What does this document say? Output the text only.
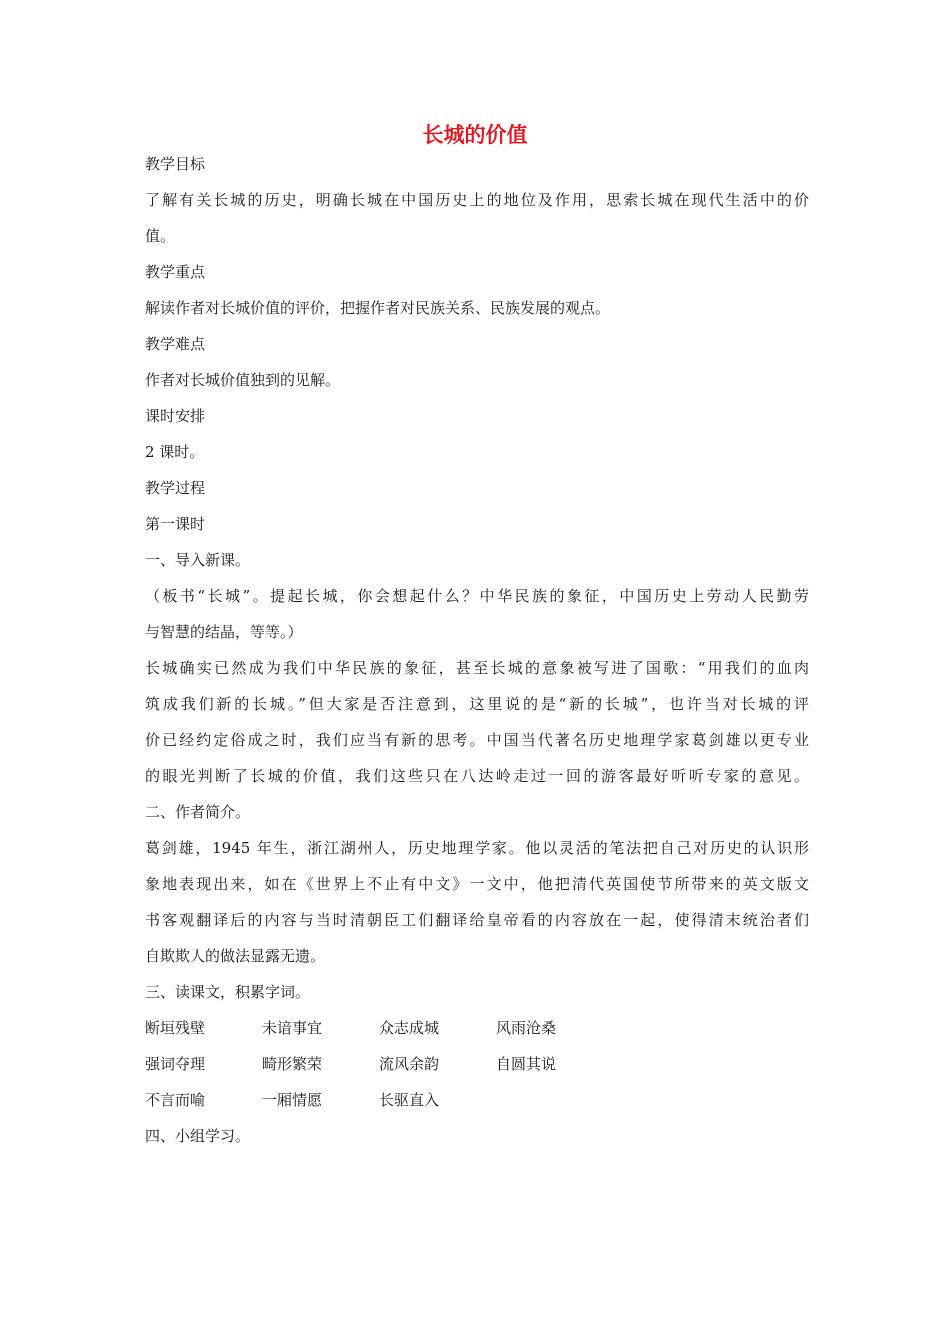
长城的价值
教学目标
了解有关长城的历史，明确长城在中国历史上的地位及作用，思索长城在现代生活中的价
值。
教学重点
解读作者对长城价值的评价，把握作者对民族关系、民族发展的观点。
教学难点
作者对长城价值独到的见解。
课时安排
2 课时。
教学过程
第一课时
一、导入新课。
（板书“长城”。提起长城，你会想起什么？中华民族的象征，中国历史上劳动人民勤劳
与智慧的结晶，等等。）
长城确实已然成为我们中华民族的象征，甚至长城的意象被写进了国歌：“用我们的血肉
筑成我们新的长城。”但大家是否注意到，这里说的是“新的长城”，也许当对长城的评
价已经约定俗成之时，我们应当有新的思考。中国当代著名历史地理学家葛剑雄以更专业
的眼光判断了长城的价值，我们这些只在八达岭走过一回的游客最好听听专家的意见。
二、作者简介。
葛剑雄，1945 年生，浙江湖州人，历史地理学家。他以灵活的笔法把自己对历史的认识形
象地表现出来，如在《世界上不止有中文》一文中，他把清代英国使节所带来的英文版文
书客观翻译后的内容与当时清朝臣工们翻译给皇帝看的内容放在一起，使得清末统治者们
自欺欺人的做法显露无遗。
三、读课文，积累字词。
断垣残壁	未谙事宜	众志成城	风雨沧桑
强词夺理	畸形繁荣	流风余韵	自圆其说
不言而喻	一厢情愿	长驱直入
四、小组学习。
